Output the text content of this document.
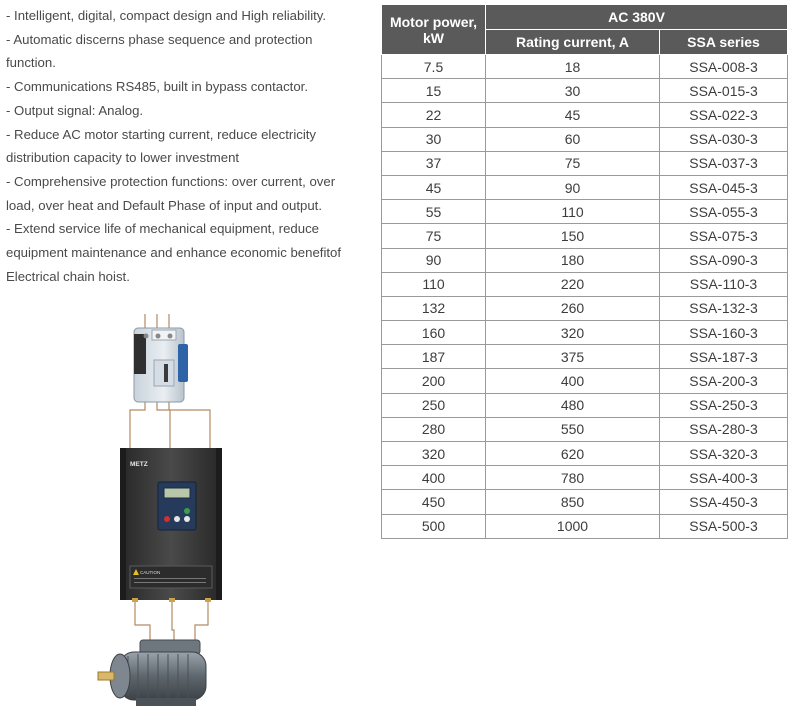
- Intelligent, digital, compact design and High reliability.

- Automatic discerns phase sequence and protection function.

- Communications RS485, built in bypass contactor.

- Output signal: Analog.

- Reduce AC motor starting current, reduce electricity distribution capacity to lower investment

- Comprehensive protection functions: over current, over load, over heat and Default Phase of input and output.

- Extend service life of mechanical equipment, reduce equipment maintenance and enhance economic benefitof Electrical chain hoist.

METZ
CAUTION
Motor power,
kW	AC 380V	
	Rating current, A	SSA series
7.5	18	SSA-008-3
15	30	SSA-015-3
22	45	SSA-022-3
30	60	SSA-030-3
37	75	SSA-037-3
45	90	SSA-045-3
55	110	SSA-055-3
75	150	SSA-075-3
90	180	SSA-090-3
110	220	SSA-110-3
132	260	SSA-132-3
160	320	SSA-160-3
187	375	SSA-187-3
200	400	SSA-200-3
250	480	SSA-250-3
280	550	SSA-280-3
320	620	SSA-320-3
400	780	SSA-400-3
450	850	SSA-450-3
500	1000	SSA-500-3
